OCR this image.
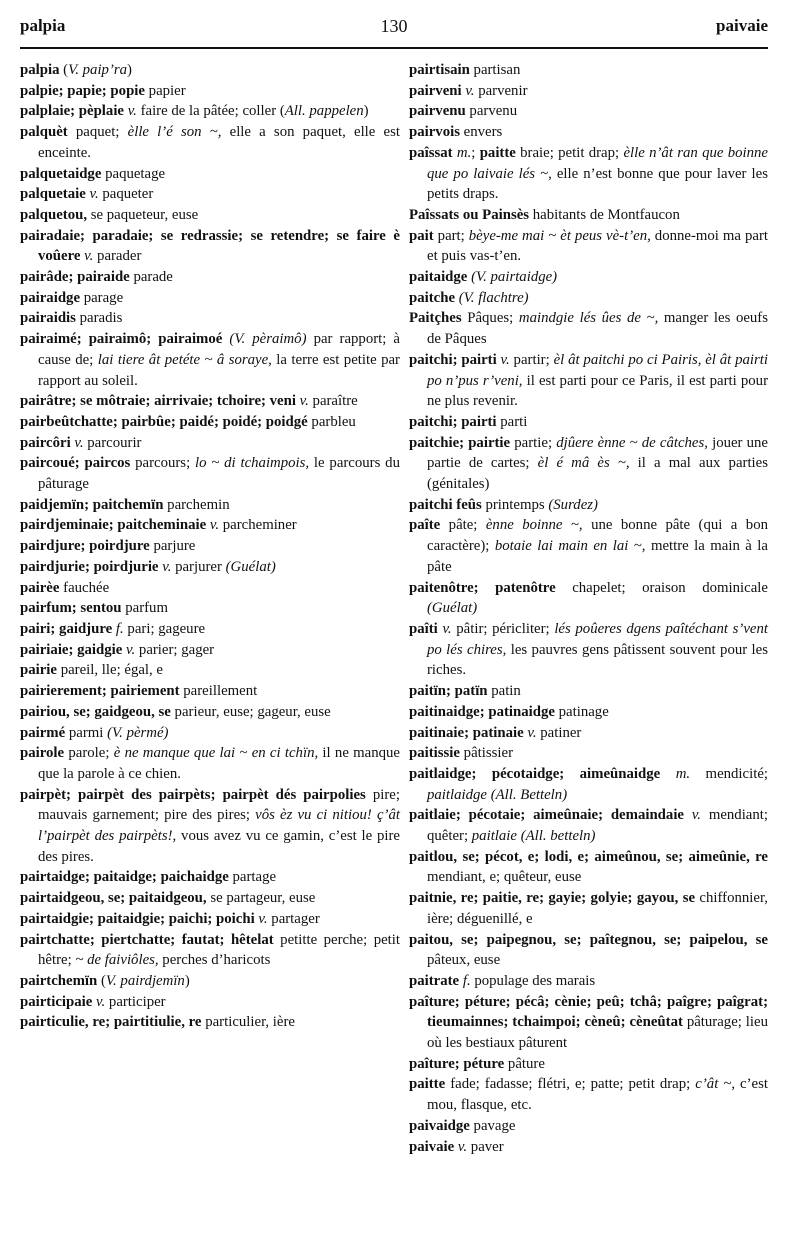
palpia	130	paivaie
palpia (V. paip’ra)
palpie; papie; popie papier
palplaie; pèplaie v. faire de la pâtée; coller (All. pappelen)
palquèt paquet; èlle l’é son ~, elle a son paquet, elle est enceinte.
palquetaidge paquetage
palquetaie v. paqueter
palquetou, se paqueteur, euse
pairadaie; paradaie; se redrassie; se retendre; se faire è voûere v. parader
pairâde; pairaide parade
pairaidge parage
pairaidis paradis
pairaimé; pairaimô; pairaimoé (V. pèraimô) par rapport; à cause de; lai tiere ât petéte ~ â soraye, la terre est petite par rapport au soleil.
pairâtre; se môtraie; airrivaie; tchoire; veni v. paraître
pairbeûtchatte; pairbûe; paidé; poidé; poidgé parbleu
paircôri v. parcourir
paircoué; paircos parcours; lo ~ di tchaimpois, le parcours du pâturage
paidjemïn; paitchemïn parchemin
pairdjeminaie; paitcheminaie v. parcheminer
pairdjure; poirdjure parjure
pairdjurie; poirdjurie v. parjurer (Guélat)
pairèe fauchée
pairfum; sentou parfum
pairi; gaidjure f. pari; gageure
pairiaie; gaidgie v. parier; gager
pairie pareil, lle; égal, e
pairierement; pairiement pareillement
pairiou, se; gaidgeou, se parieur, euse; gageur, euse
pairmé parmi (V. pèrmé)
pairole parole; è ne manque que lai ~ en ci tchïn, il ne manque que la parole à ce chien.
pairpèt; pairpèt des pairpèts; pairpèt dés pairpolies pire; mauvais garnement; pire des pires; vôs èz vu ci nitiou! ç’ât l’pairpèt des pairpèts!, vous avez vu ce gamin, c’est le pire des pires.
pairtaidge; paitaidge; paichaidge partage
pairtaidgeou, se; paitaidgeou, se partageur, euse
pairtaidgie; paitaidgie; paichi; poichi v. partager
pairtchatte; piertchatte; fautat; hêtelat petitte perche; petit hêtre; ~ de faiviôles, perches d’haricots
pairtchemïn (V. pairdjemïn)
pairticipaie v. participer
pairticulie, re; pairtitiulie, re particulier, ière
pairtisain partisan
pairveni v. parvenir
pairvenu parvenu
pairvois envers
paîssat m.; paitte braie; petit drap; èlle n’ât ran que boinne que po laivaie lés ~, elle n’est bonne que pour laver les petits draps.
Paîssats ou Painsès habitants de Montfaucon
pait part; bèye-me mai ~ èt peus vè-t’en, donne-moi ma part et puis vas-t’en.
paitaidge (V. pairtaidge)
paitche (V. flachtre)
Paitçhes Pâques; maindgie lés ûes de ~, manger les oeufs de Pâques
paitchi; pairti v. partir; èl ât paitchi po ci Pairis, èl ât pairti po n’pus r’veni, il est parti pour ce Paris, il est parti pour ne plus revenir.
paitchi; pairti parti
paitchie; pairtie partie; djûere ènne ~ de câtches, jouer une partie de cartes; èl é mâ ès ~, il a mal aux parties (génitales)
paitchi feûs printemps (Surdez)
paîte pâte; ènne boinne ~, une bonne pâte (qui a bon caractère); botaie lai main en lai ~, mettre la main à la pâte
paitenôtre; patenôtre chapelet; oraison dominicale (Guélat)
paîti v. pâtir; péricliter; lés poûeres dgens paîtéchant s’vent po lés chires, les pauvres gens pâtissent souvent pour les riches.
paitïn; patïn patin
paitinaidge; patinaidge patinage
paitinaie; patinaie v. patiner
paitissie pâtissier
paitlaidge; pécotaidge; aimeûnaidge m. mendicité; paitlaidge (All. Betteln)
paitlaie; pécotaie; aimeûnaie; demaindaie v. mendiant; quêter; paitlaie (All. betteln)
paitlou, se; pécot, e; lodi, e; aimeûnou, se; aimeûnie, re mendiant, e; quêteur, euse
paitnie, re; paitie, re; gayie; golyie; gayou, se chiffonnier, ière; déguenillé, e
paitou, se; paipegnou, se; paîtegnou, se; paipelou, se pâteux, euse
paitrate f. populage des marais
paîture; péture; pécâ; cènie; peû; tchâ; paîgre; paîgrat; tieumainnes; tchaimpoi; cèneû; cèneûtat pâturage; lieu où les bestiaux pâturent
paîture; péture pâture
paitte fade; fadasse; flétri, e; patte; petit drap; c’ât ~, c’est mou, flasque, etc.
paivaidge pavage
paivaie v. paver
